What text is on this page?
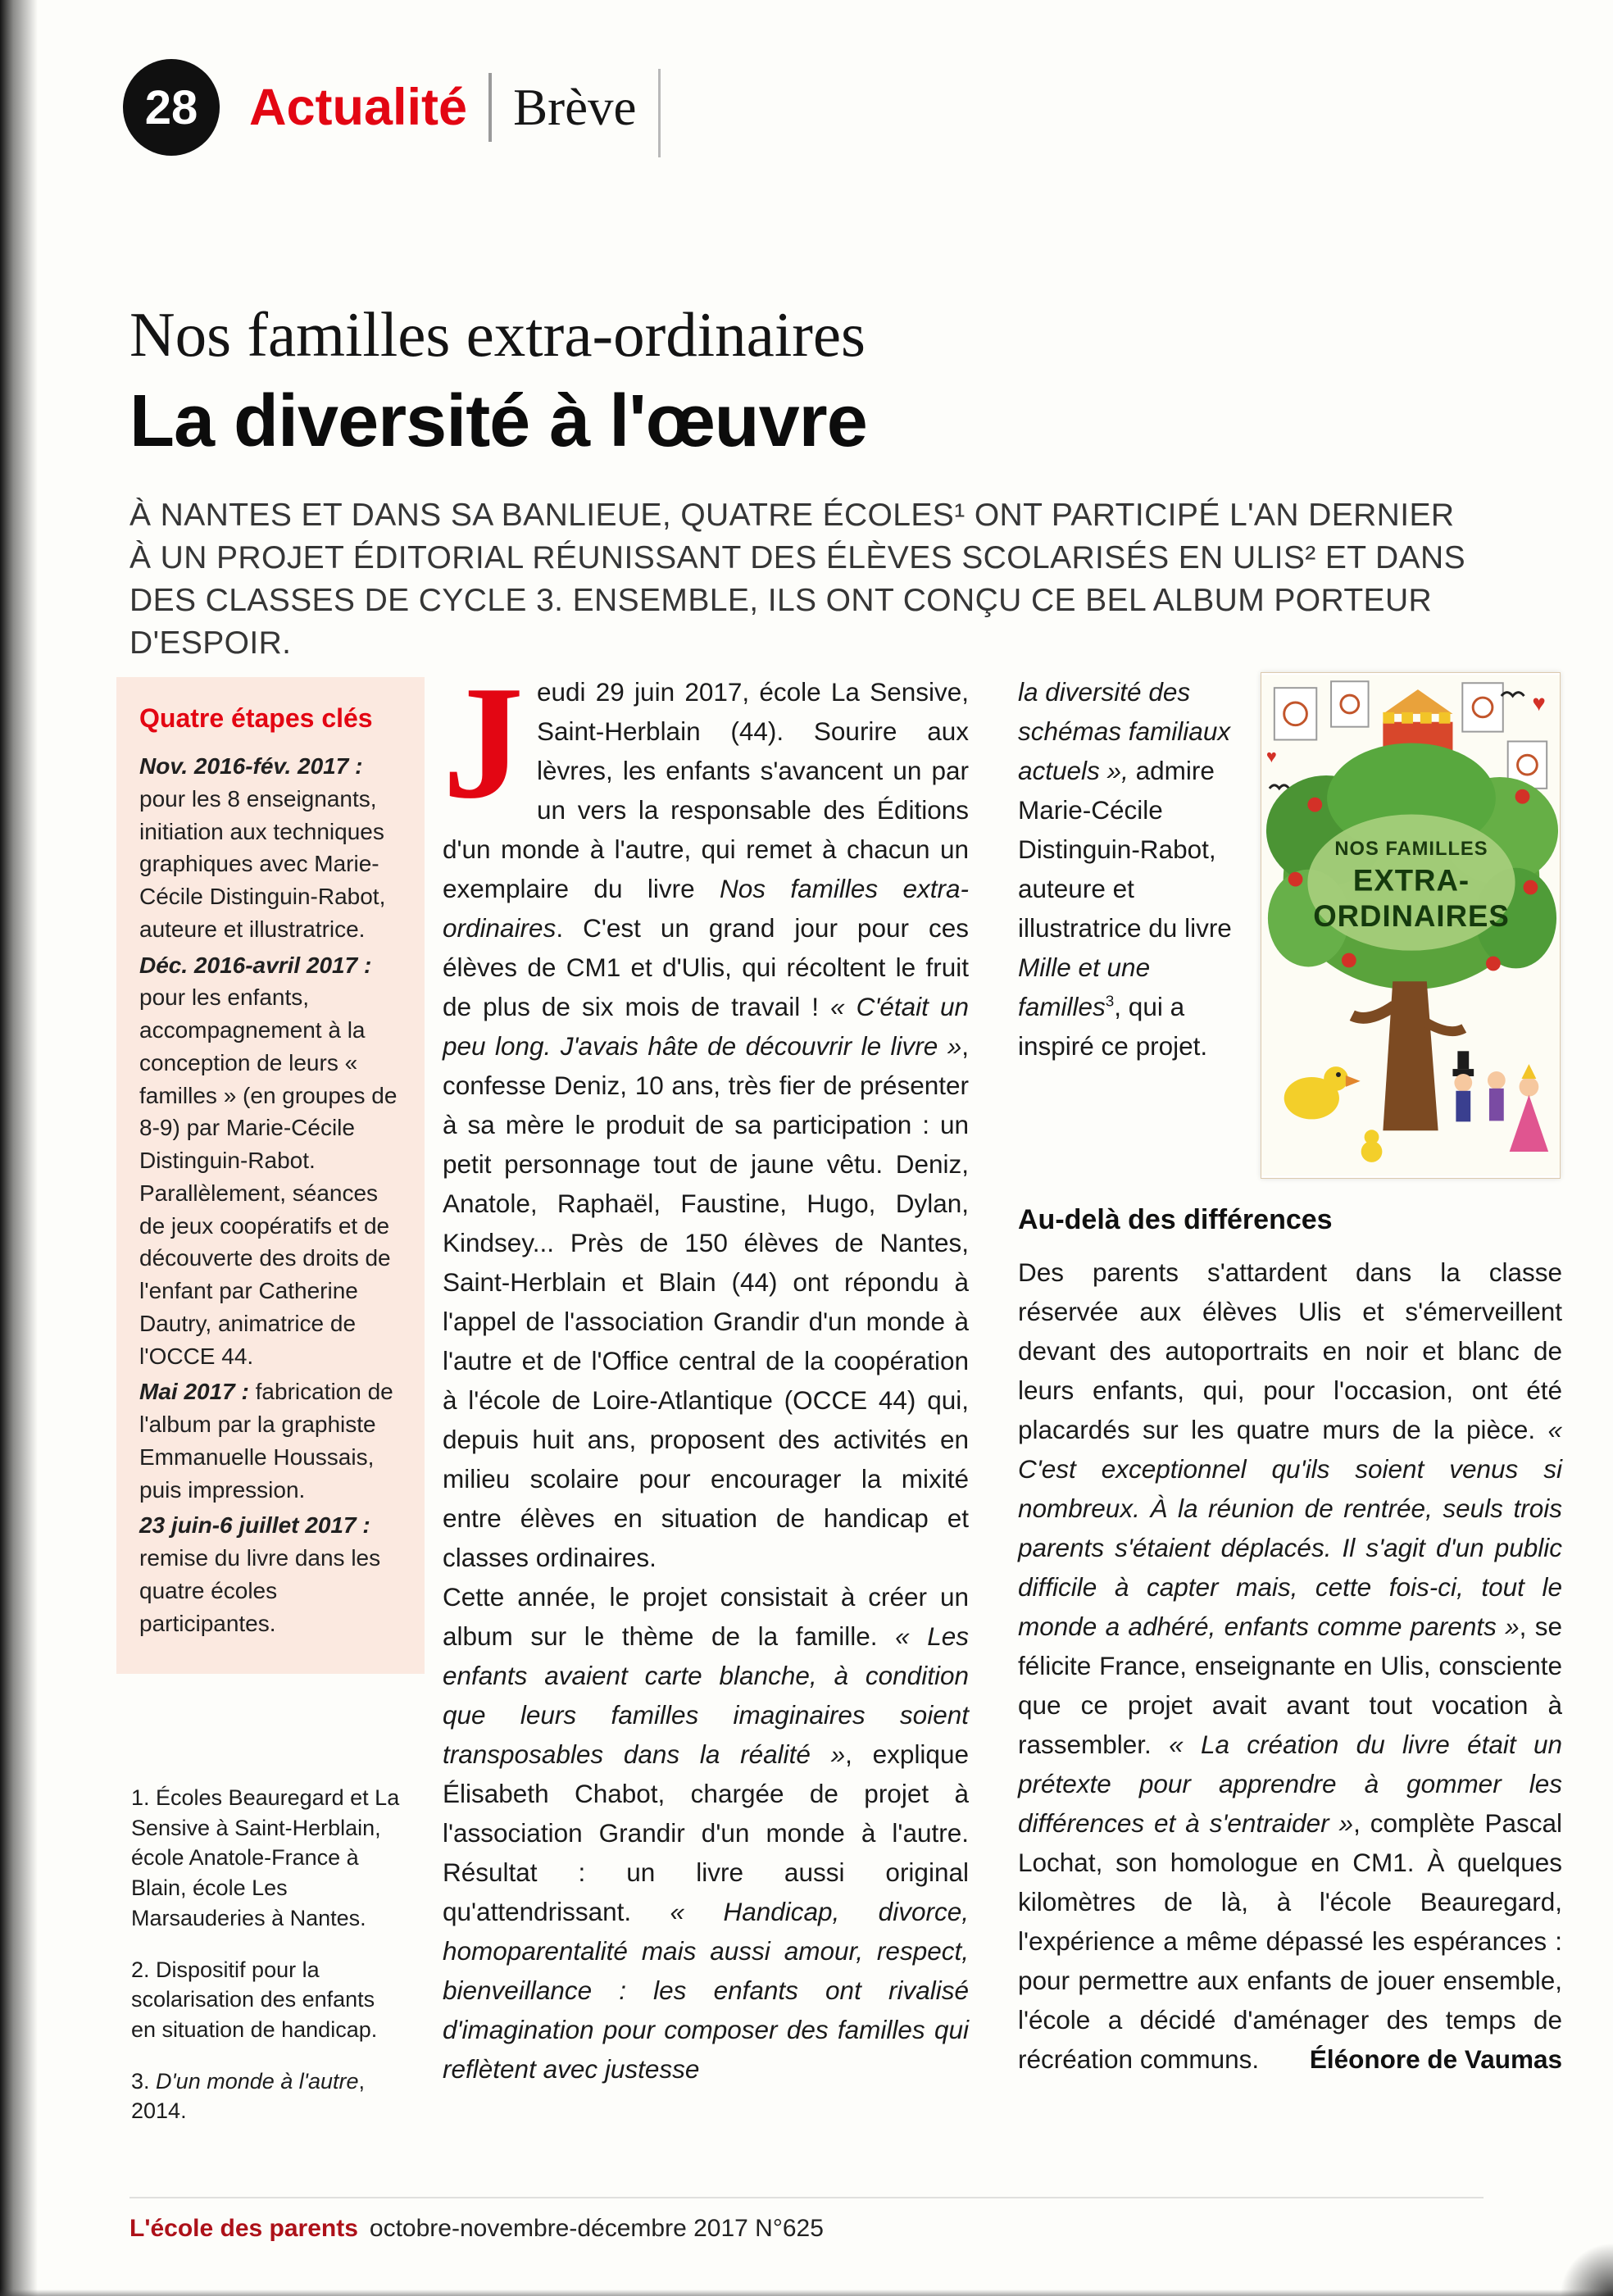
28 Actualité Brève
Nos familles extra-ordinaires
La diversité à l'œuvre

À NANTES ET DANS SA BANLIEUE, QUATRE ÉCOLES¹ ONT PARTICIPÉ L'AN DERNIER À UN PROJET ÉDITORIAL RÉUNISSANT DES ÉLÈVES SCOLARISÉS EN ULIS² ET DANS DES CLASSES DE CYCLE 3. ENSEMBLE, ILS ONT CONÇU CE BEL ALBUM PORTEUR D'ESPOIR.

Quatre étapes clés

Nov. 2016-fév. 2017 : pour les 8 enseignants, initiation aux techniques graphiques avec Marie-Cécile Distinguin-Rabot, auteure et illustratrice.

Déc. 2016-avril 2017 : pour les enfants, accompagnement à la conception de leurs « familles » (en groupes de 8-9) par Marie-Cécile Distinguin-Rabot. Parallèlement, séances de jeux coopératifs et de découverte des droits de l'enfant par Catherine Dautry, animatrice de l'OCCE 44.

Mai 2017 : fabrication de l'album par la graphiste Emmanuelle Houssais, puis impression.

23 juin-6 juillet 2017 : remise du livre dans les quatre écoles participantes.

1. Écoles Beauregard et La Sensive à Saint-Herblain, école Anatole-France à Blain, école Les Marsauderies à Nantes.

2. Dispositif pour la scolarisation des enfants en situation de handicap.

3. D'un monde à l'autre, 2014.

Jeudi 29 juin 2017, école La Sensive, Saint-Herblain (44). Sourire aux lèvres, les enfants s'avancent un par un vers la responsable des Éditions d'un monde à l'autre, qui remet à chacun un exemplaire du livre Nos familles extra-ordinaires. C'est un grand jour pour ces élèves de CM1 et d'Ulis, qui récoltent le fruit de plus de six mois de travail ! « C'était un peu long. J'avais hâte de découvrir le livre », confesse Deniz, 10 ans, très fier de présenter à sa mère le produit de sa participation : un petit personnage tout de jaune vêtu. Deniz, Anatole, Raphaël, Faustine, Hugo, Dylan, Kindsey... Près de 150 élèves de Nantes, Saint-Herblain et Blain (44) ont répondu à l'appel de l'association Grandir d'un monde à l'autre et de l'Office central de la coopération à l'école de Loire-Atlantique (OCCE 44) qui, depuis huit ans, proposent des activités en milieu scolaire pour encourager la mixité entre élèves en situation de handicap et classes ordinaires.

Cette année, le projet consistait à créer un album sur le thème de la famille. « Les enfants avaient carte blanche, à condition que leurs familles imaginaires soient transposables dans la réalité », explique Élisabeth Chabot, chargée de projet à l'association Grandir d'un monde à l'autre. Résultat : un livre aussi original qu'attendrissant. « Handicap, divorce, homoparentalité mais aussi amour, respect, bienveillance : les enfants ont rivalisé d'imagination pour composer des familles qui reflètent avec justesse

la diversité des schémas familiaux actuels », admire Marie-Cécile Distinguin-Rabot, auteure et illustratrice du livre Mille et une familles$^3$, qui a inspiré ce projet.

♥
♥
NOS FAMILLES
EXTRA-
ORDINAIRES
Au-delà des différences

Des parents s'attardent dans la classe réservée aux élèves Ulis et s'émerveillent devant des autoportraits en noir et blanc de leurs enfants, qui, pour l'occasion, ont été placardés sur les quatre murs de la pièce. « C'est exceptionnel qu'ils soient venus si nombreux. À la réunion de rentrée, seuls trois parents s'étaient déplacés. Il s'agit d'un public difficile à capter mais, cette fois-ci, tout le monde a adhéré, enfants comme parents », se félicite France, enseignante en Ulis, consciente que ce projet avait avant tout vocation à rassembler. « La création du livre était un prétexte pour apprendre à gommer les différences et à s'entraider », complète Pascal Lochat, son homologue en CM1. À quelques kilomètres de là, à l'école Beauregard, l'expérience a même dépassé les espérances : pour permettre aux enfants de jouer ensemble, l'école a décidé d'aménager des temps de récréation communs.	Éléonore de Vaumas

L'école des parents octobre-novembre-décembre 2017 N°625
